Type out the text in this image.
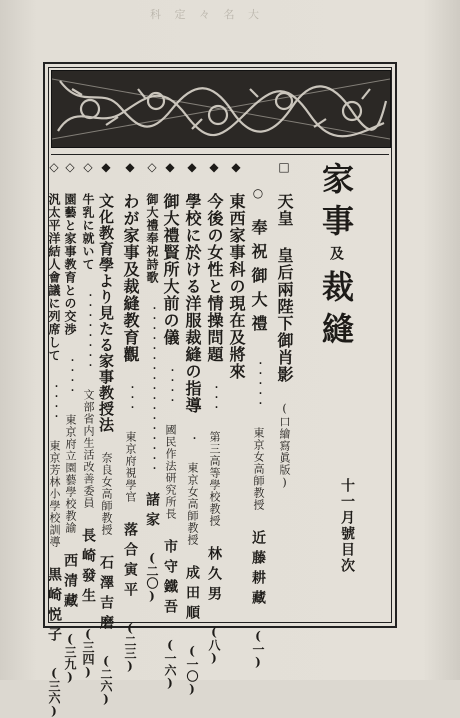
科 定 々 名 大
家事及裁縫
十一月號目次
□ 天皇 皇后兩陛下御肖影 (口繪寫眞版)
○ 奉祝御大禮 ・・・・・ 東京女高師教授 近藤耕藏 (一)
◆ 東西家事科の現在及將來
◆ 今後の女性と情操問題 ・・・ 第三高等學校教授 林久男 (八)
◆ 學校に於ける洋服裁縫の指導 ・ 東京女高師教授 成田順 (一〇)
◆ 御大禮賢所大前の儀 ・・・・ 國民作法研究所長 市守鐵吾 (一六)
◇ 御大禮奉祝詩歌 ・・・・・・・・・・・・・・・・・ 諸家 (二〇)
◆ わが家事及裁縫教育觀 ・・・ 東京府視學官 落合寅平 (二三)
◆ 文化教育學より見たる家事教授法 奈良女高師教授 石澤吉磨 (二六)
◇ 牛乳に就いて ・・・・・・・・ 文部省内生活改善委員 長崎發生 (三四)
◇ 園藝と家事教育との交渉 ・・・・ 東京府立園藝學校教諭 西清藏 (三九)
◇ 汎太平洋結人會議に列席して ・・・・ 東京芳林小學校訓導 黒崎悦子 (三六)
